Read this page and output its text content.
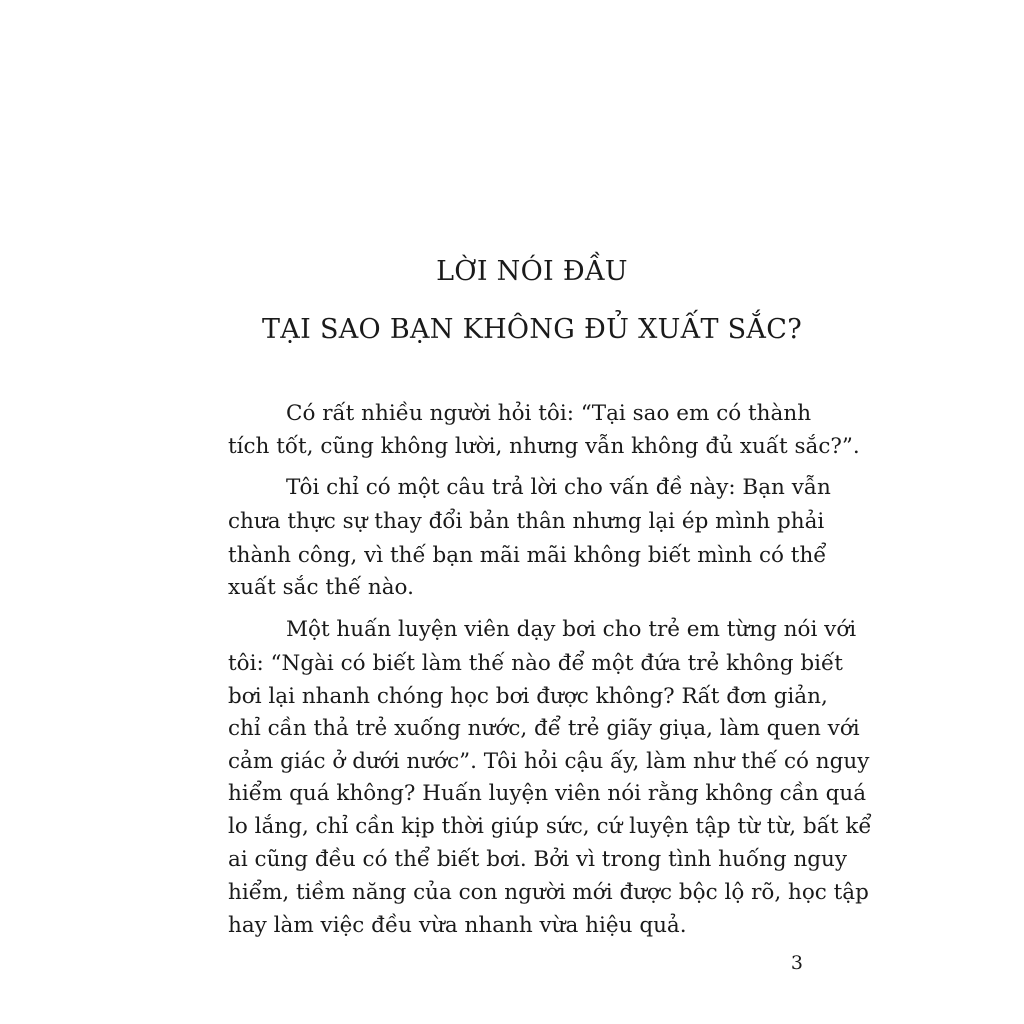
LỜI NÓI ĐẦU
TẠI SAO BẠN KHÔNG ĐỦ XUẤT SẮC?

Có rất nhiều người hỏi tôi: “Tại sao em có thành

tích tốt, cũng không lười, nhưng vẫn không đủ xuất sắc?”.

Tôi chỉ có một câu trả lời cho vấn đề này: Bạn vẫn

chưa thực sự thay đổi bản thân nhưng lại ép mình phải

thành công, vì thế bạn mãi mãi không biết mình có thể

xuất sắc thế nào.

Một huấn luyện viên dạy bơi cho trẻ em từng nói với

tôi: “Ngài có biết làm thế nào để một đứa trẻ không biết

bơi lại nhanh chóng học bơi được không? Rất đơn giản,

chỉ cần thả trẻ xuống nước, để trẻ giãy giụa, làm quen với

cảm giác ở dưới nước”. Tôi hỏi cậu ấy, làm như thế có nguy

hiểm quá không? Huấn luyện viên nói rằng không cần quá

lo lắng, chỉ cần kịp thời giúp sức, cứ luyện tập từ từ, bất kể

ai cũng đều có thể biết bơi. Bởi vì trong tình huống nguy

hiểm, tiềm năng của con người mới được bộc lộ rõ, học tập

hay làm việc đều vừa nhanh vừa hiệu quả.

3
